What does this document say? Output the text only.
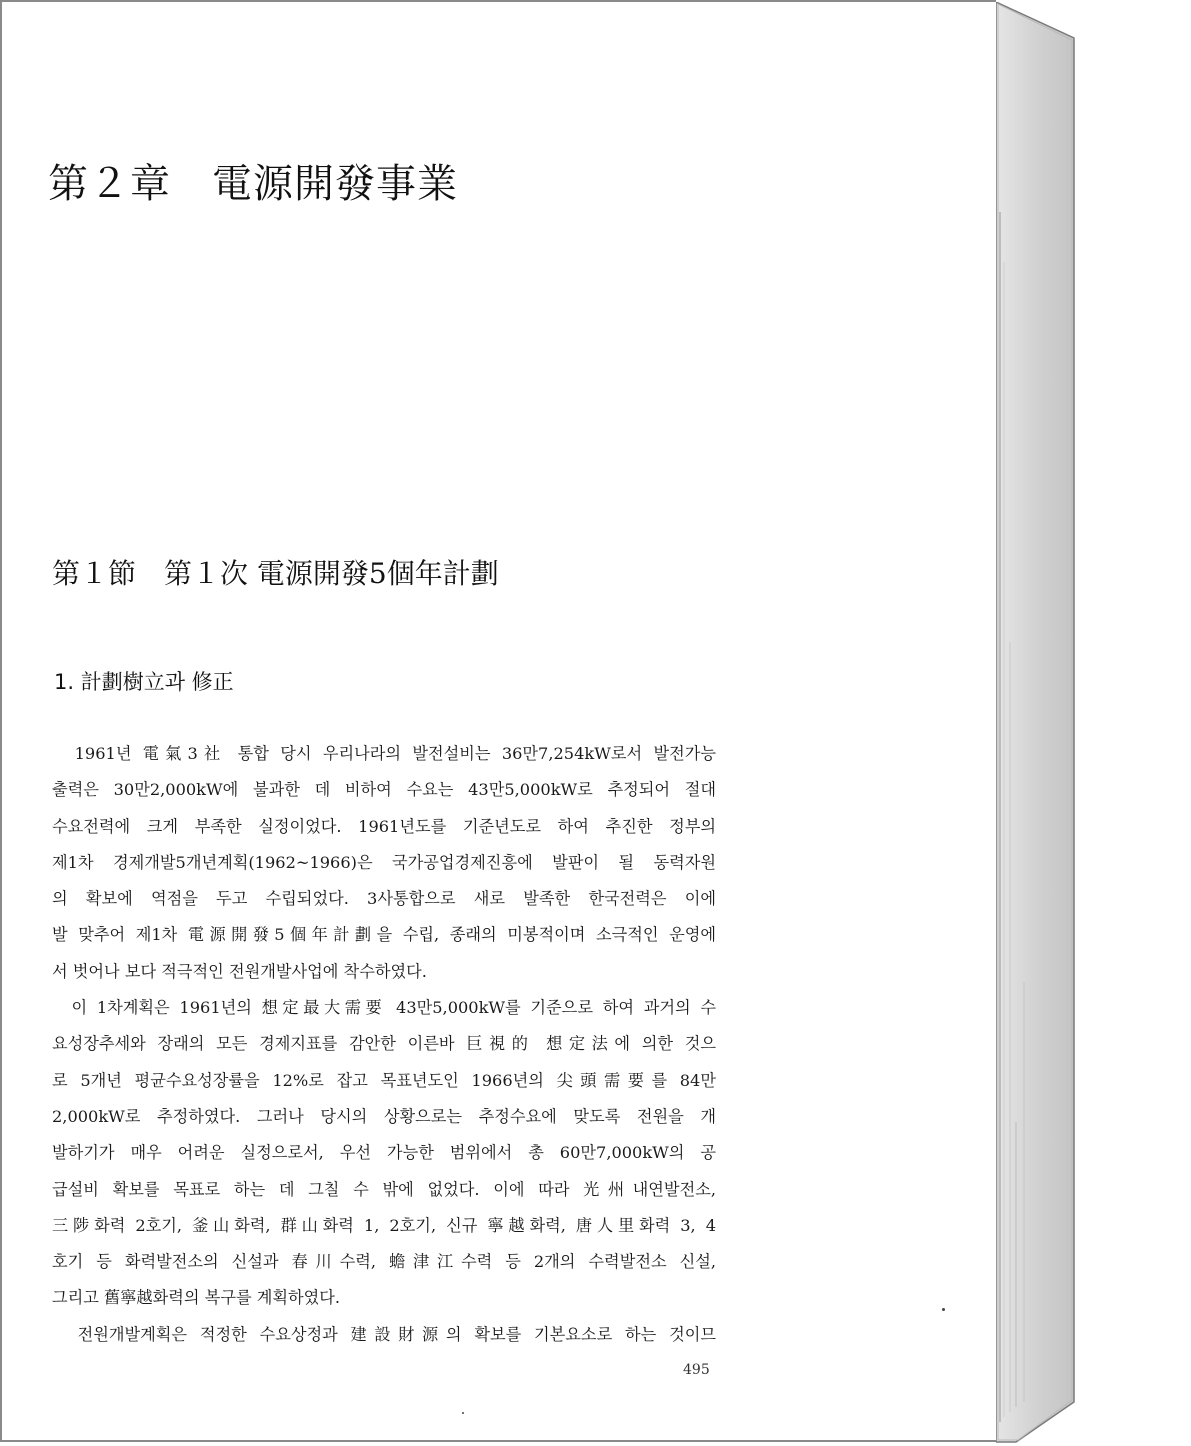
第２章　電源開發事業
第１節　第１次 電源開發5個年計劃
1. 計劃樹立과 修正
1961년 電氣3社 통합 당시 우리나라의 발전설비는 36만7,254kW로서 발전가능
출력은 30만2,000kW에 불과한 데 비하여 수요는 43만5,000kW로 추정되어 절대
수요전력에 크게 부족한 실정이었다. 1961년도를 기준년도로 하여 추진한 정부의
제1차 경제개발5개년계획(1962~1966)은 국가공업경제진흥에 발판이 될 동력자원
의 확보에 역점을 두고 수립되었다. 3사통합으로 새로 발족한 한국전력은 이에
발 맞추어 제1차 電源開發5個年計劃을 수립, 종래의 미봉적이며 소극적인 운영에
서 벗어나 보다 적극적인 전원개발사업에 착수하였다.
이 1차계획은 1961년의 想定最大需要 43만5,000kW를 기준으로 하여 과거의 수
요성장추세와 장래의 모든 경제지표를 감안한 이른바 巨視的 想定法에 의한 것으
로 5개년 평균수요성장률을 12%로 잡고 목표년도인 1966년의 尖頭需要를 84만
2,000kW로 추정하였다. 그러나 당시의 상황으로는 추정수요에 맞도록 전원을 개
발하기가 매우 어려운 실정으로서, 우선 가능한 범위에서 총 60만7,000kW의 공
급설비 확보를 목표로 하는 데 그칠 수 밖에 없었다. 이에 따라 光州내연발전소,
三陟화력 2호기, 釜山화력, 群山화력 1, 2호기, 신규 寧越화력, 唐人里화력 3, 4
호기 등 화력발전소의 신설과 春川수력, 蟾津江수력 등 2개의 수력발전소 신설,
그리고 舊寧越화력의 복구를 계획하였다.
전원개발계획은 적정한 수요상정과 建設財源의 확보를 기본요소로 하는 것이므
495
